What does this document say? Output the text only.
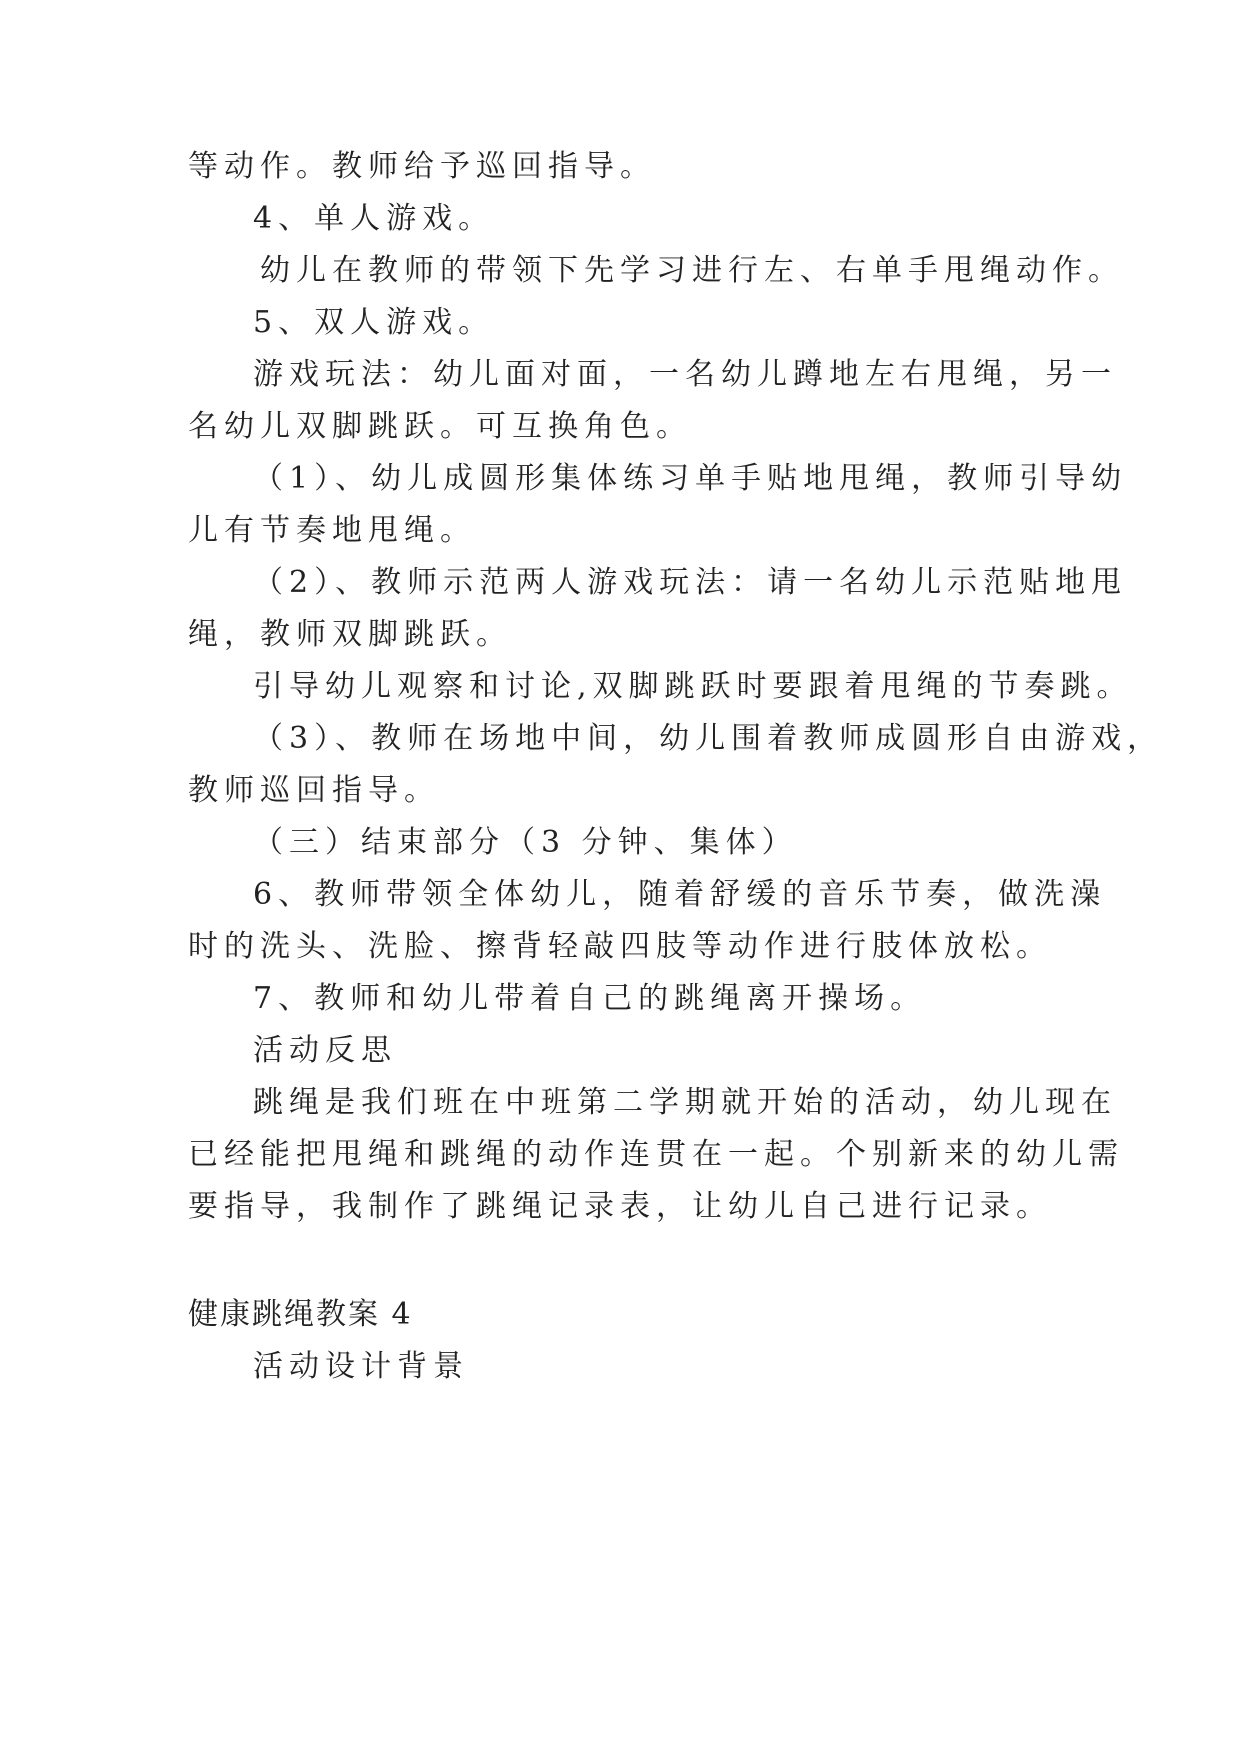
等动作。教师给予巡回指导。
4、单人游戏。
幼儿在教师的带领下先学习进行左、右单手甩绳动作。
5、双人游戏。
游戏玩法：幼儿面对面，一名幼儿蹲地左右甩绳，另一
名幼儿双脚跳跃。可互换角色。
（1）、幼儿成圆形集体练习单手贴地甩绳，教师引导幼
儿有节奏地甩绳。
（2）、教师示范两人游戏玩法：请一名幼儿示范贴地甩
绳，教师双脚跳跃。
引导幼儿观察和讨论,双脚跳跃时要跟着甩绳的节奏跳。
（3）、教师在场地中间，幼儿围着教师成圆形自由游戏，
教师巡回指导。
（三）结束部分（3 分钟、集体）
6、教师带领全体幼儿，随着舒缓的音乐节奏，做洗澡
时的洗头、洗脸、擦背轻敲四肢等动作进行肢体放松。
7、教师和幼儿带着自己的跳绳离开操场。
活动反思
跳绳是我们班在中班第二学期就开始的活动，幼儿现在
已经能把甩绳和跳绳的动作连贯在一起。个别新来的幼儿需
要指导，我制作了跳绳记录表，让幼儿自己进行记录。
健康跳绳教案 4
活动设计背景
